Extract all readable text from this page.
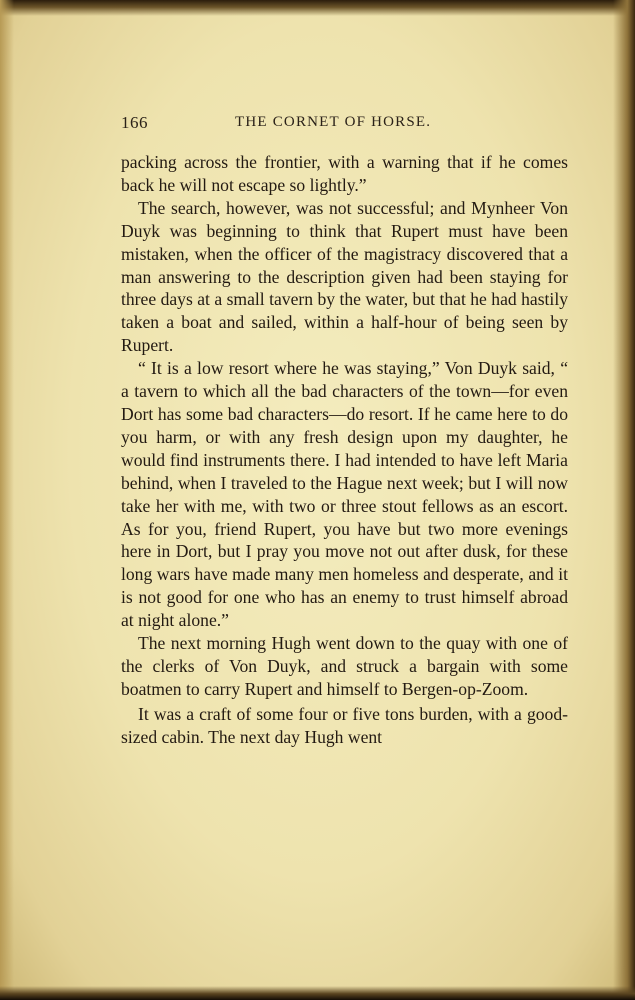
166	THE CORNET OF HORSE.

packing across the frontier, with a warning that if he comes back he will not escape so lightly.”

The search, however, was not successful; and Mynheer Von Duyk was beginning to think that Rupert must have been mistaken, when the officer of the magistracy discovered that a man answering to the description given had been staying for three days at a small tavern by the water, but that he had hastily taken a boat and sailed, within a half-hour of being seen by Rupert.

“ It is a low resort where he was staying,” Von Duyk said, “ a tavern to which all the bad characters of the town—for even Dort has some bad characters—do resort. If he came here to do you harm, or with any fresh design upon my daughter, he would find instruments there. I had intended to have left Maria behind, when I traveled to the Hague next week; but I will now take her with me, with two or three stout fellows as an escort. As for you, friend Rupert, you have but two more evenings here in Dort, but I pray you move not out after dusk, for these long wars have made many men homeless and desperate, and it is not good for one who has an enemy to trust himself abroad at night alone.”

The next morning Hugh went down to the quay with one of the clerks of Von Duyk, and struck a bargain with some boatmen to carry Rupert and himself to Bergen-op-Zoom.

It was a craft of some four or five tons burden, with a good-sized cabin. The next day Hugh went
